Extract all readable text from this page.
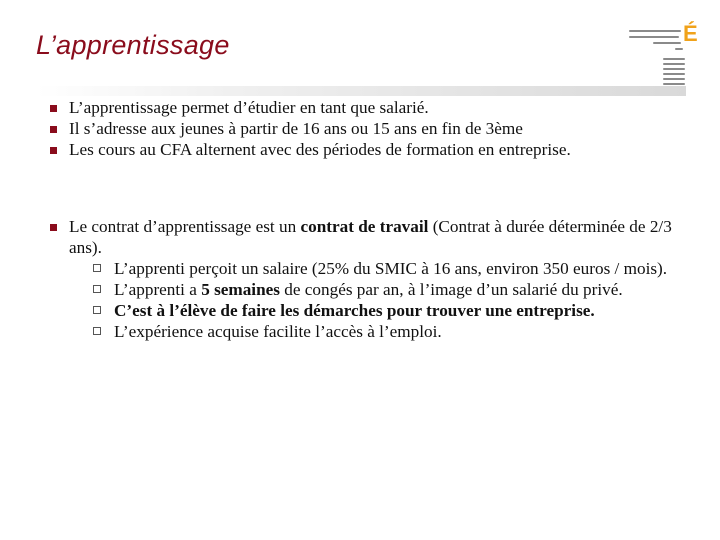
L’apprentissage	É
L’apprentissage permet d’étudier en tant que salarié.
Il s’adresse aux jeunes à partir de 16 ans ou 15 ans en fin de 3ème
Les cours au CFA alternent avec des périodes de formation en entreprise.
Le contrat d’apprentissage est un contrat de travail (Contrat à durée déterminée de 2/3 ans).
L’apprenti perçoit un salaire (25% du SMIC à 16 ans, environ 350 euros / mois).
L’apprenti a 5 semaines de congés par an, à l’image d’un salarié du privé.
C’est à l’élève de faire les démarches pour trouver une entreprise.
L’expérience acquise facilite l’accès à l’emploi.
